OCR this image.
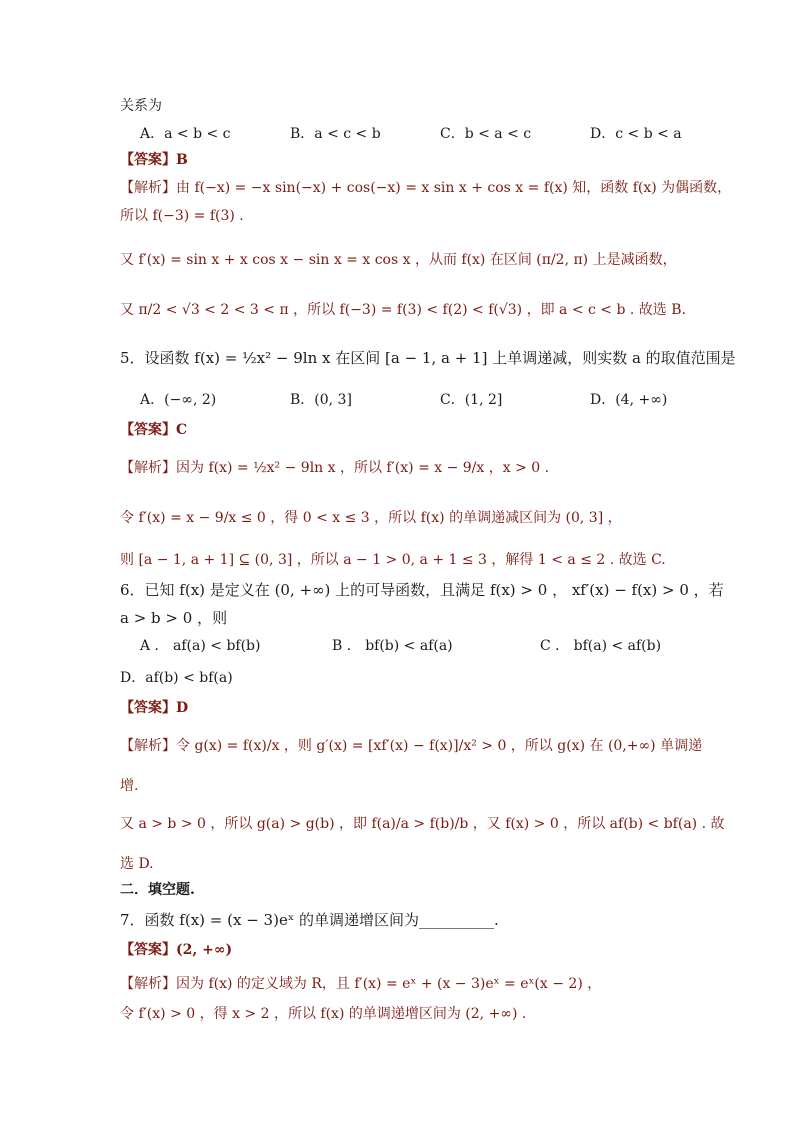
关系为
A．a < b < c	B．a < c < b	C．b < a < c	D．c < b < a
【答案】B
【解析】由 f(−x) = −x sin(−x) + cos(−x) = x sin x + cos x = f(x) 知，函数 f(x) 为偶函数，
所以 f(−3) = f(3) .
又 f′(x) = sin x + x cos x − sin x = x cos x ，从而 f(x) 在区间 (π/2, π) 上是减函数，
又 π/2 < √3 < 2 < 3 < π ，所以 f(−3) = f(3) < f(2) < f(√3) ，即 a < c < b . 故选 B.
5．设函数 f(x) = ½x² − 9ln x 在区间 [a − 1, a + 1] 上单调递减，则实数 a 的取值范围是
A．(−∞, 2)	B．(0, 3]	C．(1, 2]	D．(4, +∞)
【答案】C
【解析】因为 f(x) = ½x² − 9ln x ，所以 f′(x) = x − 9/x ，x > 0 .
令 f′(x) = x − 9/x ≤ 0 ，得 0 < x ≤ 3 ，所以 f(x) 的单调递减区间为 (0, 3] ，
则 [a − 1, a + 1] ⊆ (0, 3] ，所以 a − 1 > 0, a + 1 ≤ 3 ，解得 1 < a ≤ 2 . 故选 C.
6．已知 f(x) 是定义在 (0, +∞) 上的可导函数，且满足 f(x) > 0 ， xf′(x) − f(x) > 0 ，若
a > b > 0 ，则
A ． af(a) < bf(b)	B ． bf(b) < af(a)	C ． bf(a) < af(b)
D．af(b) < bf(a)
【答案】D
【解析】令 g(x) = f(x)/x ，则 g′(x) = [xf′(x) − f(x)]/x² > 0 ，所以 g(x) 在 (0,+∞) 单调递
增.
又 a > b > 0 ，所以 g(a) > g(b) ，即 f(a)/a > f(b)/b ，又 f(x) > 0 ，所以 af(b) < bf(a) . 故
选 D.
二．填空题.
7．函数 f(x) = (x − 3)eˣ 的单调递增区间为__________.
【答案】(2, +∞)
【解析】因为 f(x) 的定义域为 R，且 f′(x) = eˣ + (x − 3)eˣ = eˣ(x − 2) ，
令 f′(x) > 0 ，得 x > 2 ，所以 f(x) 的单调递增区间为 (2, +∞) .
